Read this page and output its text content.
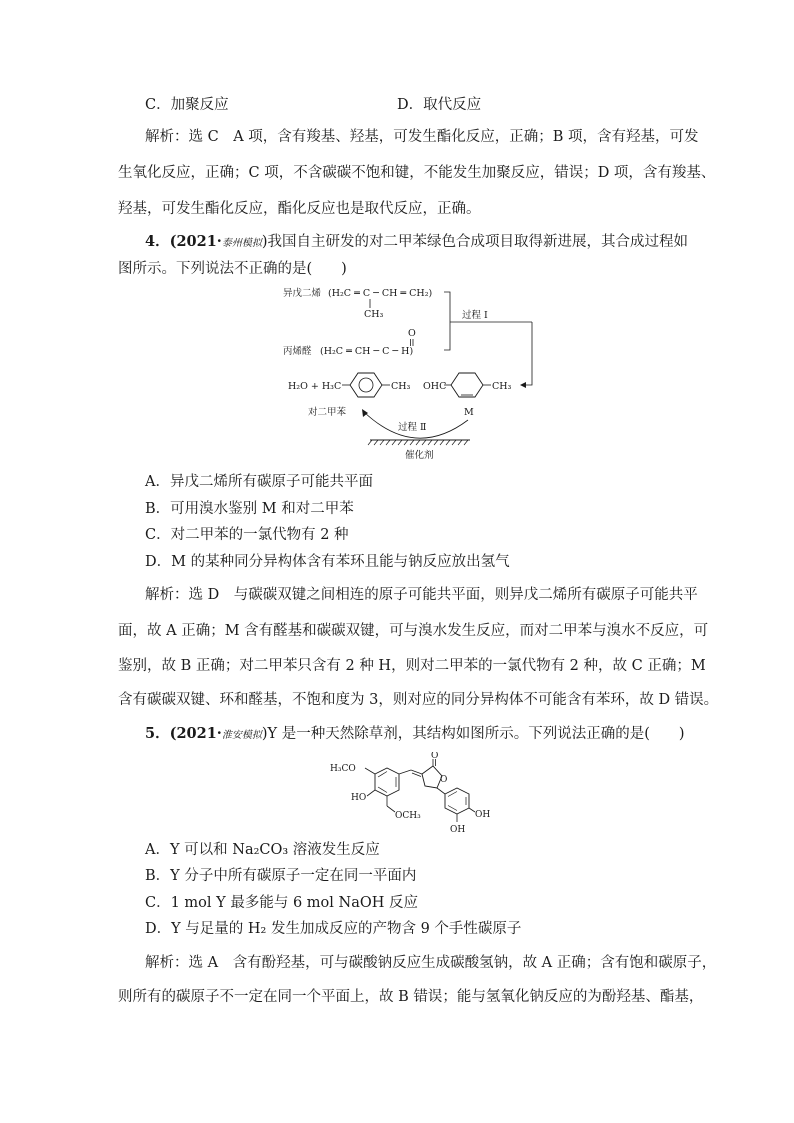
C．加聚反应	D．取代反应
解析：选 C　A 项，含有羧基、羟基，可发生酯化反应，正确；B 项，含有羟基，可发
生氧化反应，正确；C 项，不含碳碳不饱和键，不能发生加聚反应，错误；D 项，含有羧基、
羟基，可发生酯化反应，酯化反应也是取代反应，正确。
4．(2021·泰州模拟)我国自主研发的对二甲苯绿色合成项目取得新进展，其合成过程如
图所示。下列说法不正确的是(　　)
异戊二烯 (H₂C ═ C ─ CH ═ CH₂)
CH₃
O
丙烯醛 (H₂C ═ CH ─ C ─ H)
过程 Ⅰ
H₂O + H₃C	CH₃ OHC	CH₃
对二甲苯	M
过程 Ⅱ
催化剂
A．异戊二烯所有碳原子可能共平面
B．可用溴水鉴别 M 和对二甲苯
C．对二甲苯的一氯代物有 2 种
D．M 的某种同分异构体含有苯环且能与钠反应放出氢气
解析：选 D　与碳碳双键之间相连的原子可能共平面，则异戊二烯所有碳原子可能共平
面，故 A 正确；M 含有醛基和碳碳双键，可与溴水发生反应，而对二甲苯与溴水不反应，可
鉴别，故 B 正确；对二甲苯只含有 2 种 H，则对二甲苯的一氯代物有 2 种，故 C 正确；M
含有碳碳双键、环和醛基，不饱和度为 3，则对应的同分异构体不可能含有苯环，故 D 错误。
5．(2021·淮安模拟)Y 是一种天然除草剂，其结构如图所示。下列说法正确的是(　　)
H₃CO
HO
OCH₃
O
O
OH
OH
A．Y 可以和 Na₂CO₃ 溶液发生反应
B．Y 分子中所有碳原子一定在同一平面内
C．1 mol Y 最多能与 6 mol NaOH 反应
D．Y 与足量的 H₂ 发生加成反应的产物含 9 个手性碳原子
解析：选 A　含有酚羟基，可与碳酸钠反应生成碳酸氢钠，故 A 正确；含有饱和碳原子，
则所有的碳原子不一定在同一个平面上，故 B 错误；能与氢氧化钠反应的为酚羟基、酯基，
